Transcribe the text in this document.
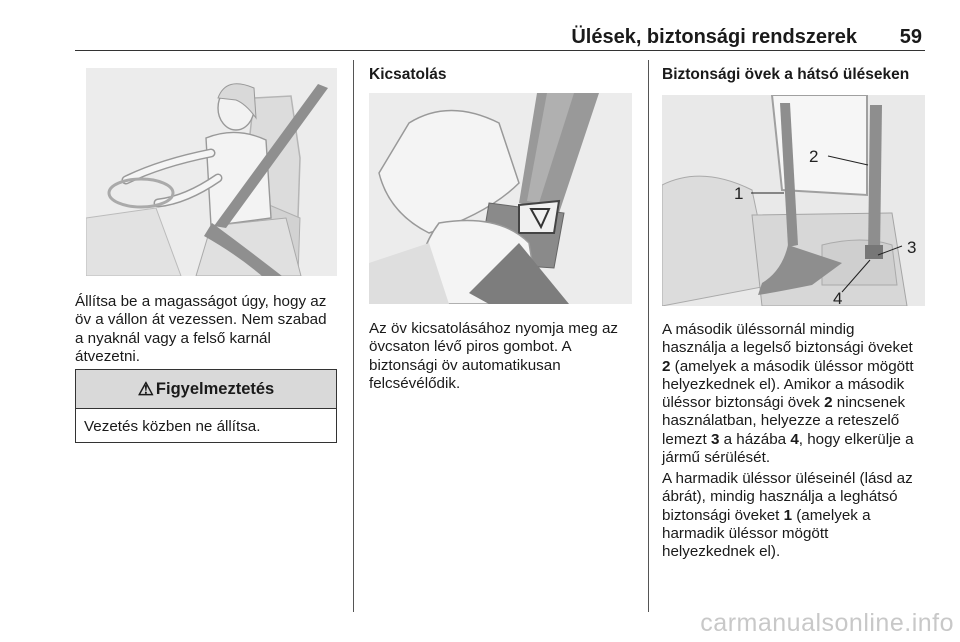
Ülések, biztonsági rendszerek 59
Állítsa be a magasságot úgy, hogy az
öv a vállon át vezessen. Nem szabad
a nyaknál vagy a felső karnál
átvezetni.
⚠ Figyelmeztetés
Vezetés közben ne állítsa.
Kicsatolás
Az öv kicsatolásához nyomja meg az
övcsaton lévő piros gombot. A
biztonsági öv automatikusan
felcsévélődik.
Biztonsági övek a hátsó üléseken
1
2
3
4
A második üléssornál mindig
használja a legelső biztonsági öveket
2 (amelyek a második üléssor mögött
helyezkednek el). Amikor a második
üléssor biztonsági övek 2 nincsenek
használatban, helyezze a reteszelő
lemezt 3 a házába 4, hogy elkerülje a
jármű sérülését.
A harmadik üléssor üléseinél (lásd az
ábrát), mindig használja a leghátsó
biztonsági öveket 1 (amelyek a
harmadik üléssor mögött
helyezkednek el).
carmanualsonline.info
